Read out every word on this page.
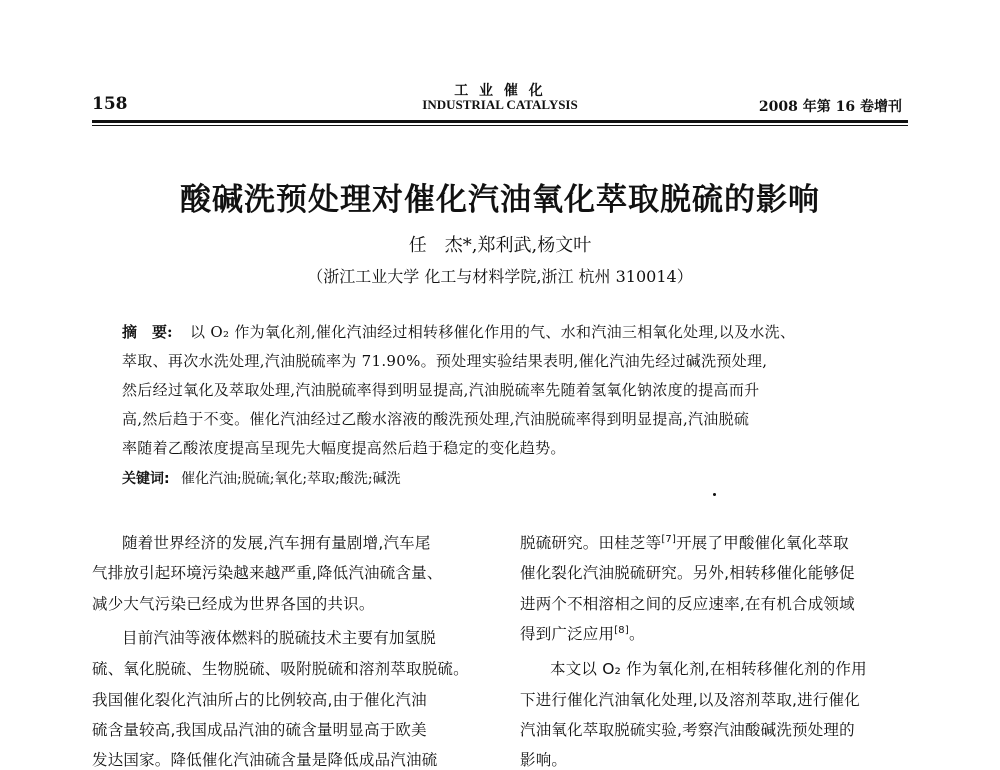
158
工 业 催 化
INDUSTRIAL CATALYSIS	2008 年第 16 卷增刊
酸碱洗预处理对催化汽油氧化萃取脱硫的影响
任　杰*,郑利武,杨文叶
（浙江工业大学 化工与材料学院,浙江 杭州 310014）
摘　要: 以 O₂ 作为氧化剂,催化汽油经过相转移催化作用的气、水和汽油三相氧化处理,以及水洗、
萃取、再次水洗处理,汽油脱硫率为 71.90%。预处理实验结果表明,催化汽油先经过碱洗预处理,
然后经过氧化及萃取处理,汽油脱硫率得到明显提高,汽油脱硫率先随着氢氧化钠浓度的提高而升
高,然后趋于不变。催化汽油经过乙酸水溶液的酸洗预处理,汽油脱硫率得到明显提高,汽油脱硫
率随着乙酸浓度提高呈现先大幅度提高然后趋于稳定的变化趋势。
关键词: 催化汽油;脱硫;氧化;萃取;酸洗;碱洗
随着世界经济的发展,汽车拥有量剧增,汽车尾
气排放引起环境污染越来越严重,降低汽油硫含量、
减少大气污染已经成为世界各国的共识。
目前汽油等液体燃料的脱硫技术主要有加氢脱
硫、氧化脱硫、生物脱硫、吸附脱硫和溶剂萃取脱硫。
我国催化裂化汽油所占的比例较高,由于催化汽油
硫含量较高,我国成品汽油的硫含量明显高于欧美
发达国家。降低催化汽油硫含量是降低成品汽油硫
脱硫研究。田桂芝等[7]开展了甲酸催化氧化萃取
催化裂化汽油脱硫研究。另外,相转移催化能够促
进两个不相溶相之间的反应速率,在有机合成领域
得到广泛应用[8]。
本文以 O₂ 作为氧化剂,在相转移催化剂的作用
下进行催化汽油氧化处理,以及溶剂萃取,进行催化
汽油氧化萃取脱硫实验,考察汽油酸碱洗预处理的
影响。
